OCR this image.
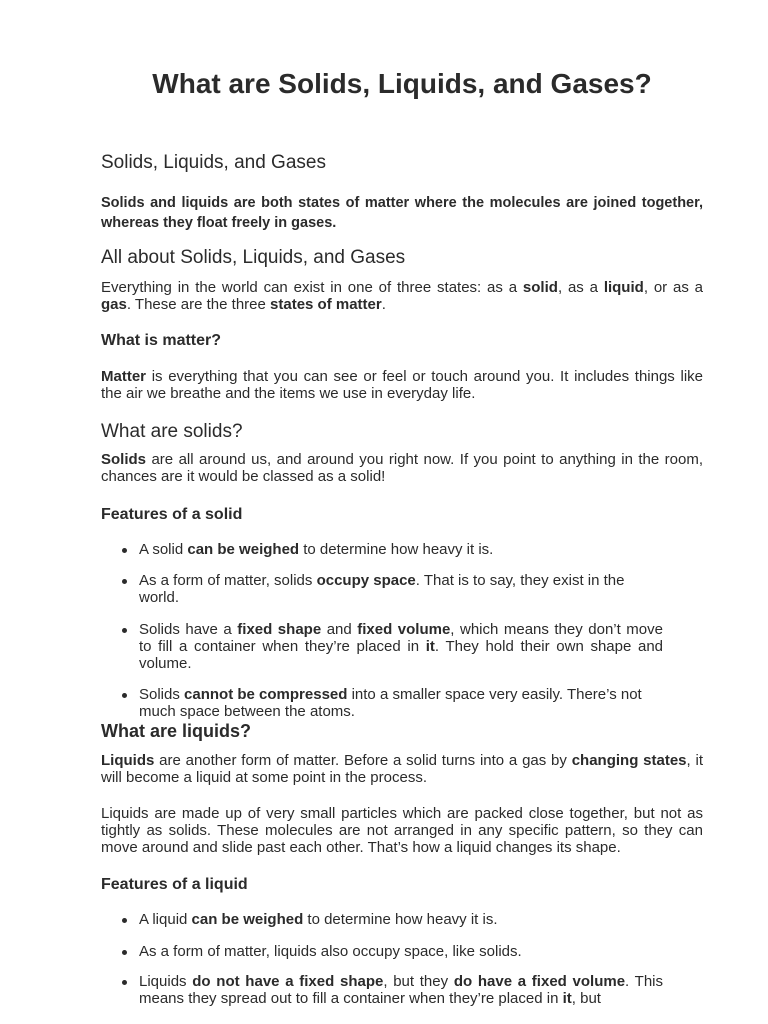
What are Solids, Liquids, and Gases?
Solids, Liquids, and Gases

Solids and liquids are both states of matter where the molecules are joined together, whereas they float freely in gases.

All about Solids, Liquids, and Gases

Everything in the world can exist in one of three states: as a solid, as a liquid, or as a gas. These are the three states of matter.

What is matter?

Matter is everything that you can see or feel or touch around you. It includes things like the air we breathe and the items we use in everyday life.

What are solids?

Solids are all around us, and around you right now. If you point to anything in the room, chances are it would be classed as a solid!

Features of a solid
A solid can be weighed to determine how heavy it is.
As a form of matter, solids occupy space. That is to say, they exist in the world.
Solids have a fixed shape and fixed volume, which means they don’t move to fill a container when they’re placed in it. They hold their own shape and volume.
Solids cannot be compressed into a smaller space very easily. There’s not much space between the atoms.
What are liquids?

Liquids are another form of matter. Before a solid turns into a gas by changing states, it will become a liquid at some point in the process.

Liquids are made up of very small particles which are packed close together, but not as tightly as solids. These molecules are not arranged in any specific pattern, so they can move around and slide past each other. That’s how a liquid changes its shape.

Features of a liquid
A liquid can be weighed to determine how heavy it is.
As a form of matter, liquids also occupy space, like solids.
Liquids do not have a fixed shape, but they do have a fixed volume. This means they spread out to fill a container when they’re placed in it, but
